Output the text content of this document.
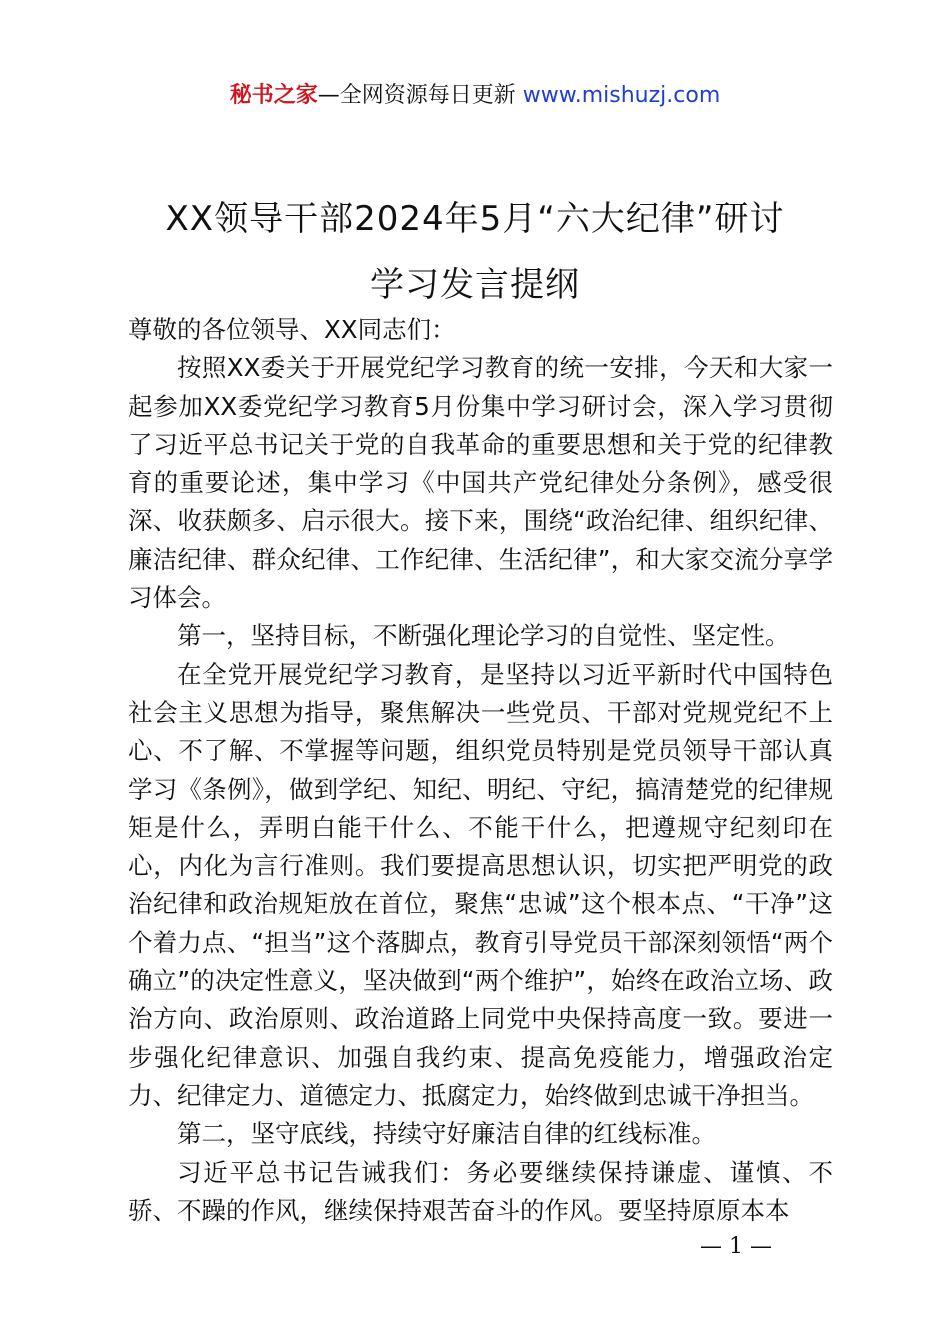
秘书之家—全网资源每日更新 www.mishuzj.com
XX领导干部2024年5月“六大纪律”研讨
学习发言提纲

尊敬的各位领导、XX同志们：

按照XX委关于开展党纪学习教育的统一安排，今天和大家一起参加XX委党纪学习教育5月份集中学习研讨会，深入学习贯彻了习近平总书记关于党的自我革命的重要思想和关于党的纪律教育的重要论述，集中学习《中国共产党纪律处分条例》，感受很深、收获颇多、启示很大。接下来，围绕“政治纪律、组织纪律、廉洁纪律、群众纪律、工作纪律、生活纪律”，和大家交流分享学习体会。

第一，坚持目标，不断强化理论学习的自觉性、坚定性。

在全党开展党纪学习教育，是坚持以习近平新时代中国特色社会主义思想为指导，聚焦解决一些党员、干部对党规党纪不上心、不了解、不掌握等问题，组织党员特别是党员领导干部认真学习《条例》，做到学纪、知纪、明纪、守纪，搞清楚党的纪律规矩是什么，弄明白能干什么、不能干什么，把遵规守纪刻印在心，内化为言行准则。我们要提高思想认识，切实把严明党的政治纪律和政治规矩放在首位，聚焦“忠诚”这个根本点、“干净”这个着力点、“担当”这个落脚点，教育引导党员干部深刻领悟“两个确立”的决定性意义，坚决做到“两个维护”，始终在政治立场、政治方向、政治原则、政治道路上同党中央保持高度一致。要进一步强化纪律意识、加强自我约束、提高免疫能力，增强政治定力、纪律定力、道德定力、抵腐定力，始终做到忠诚干净担当。

第二，坚守底线，持续守好廉洁自律的红线标准。

习近平总书记告诫我们：务必要继续保持谦虚、谨慎、不骄、不躁的作风，继续保持艰苦奋斗的作风。要坚持原原本本

— 1 —
